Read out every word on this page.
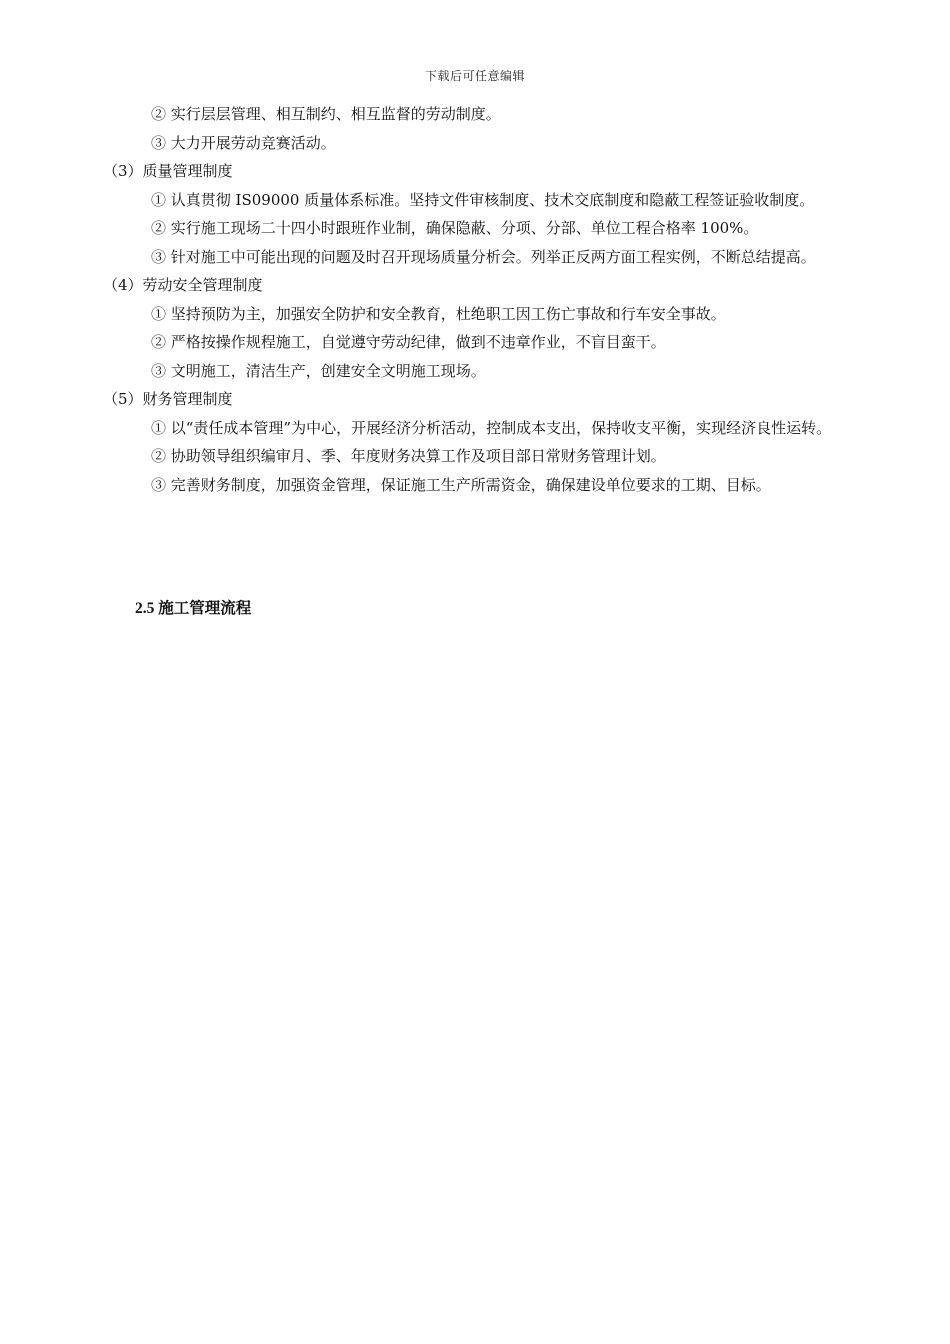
下载后可任意编辑

② 实行层层管理、相互制约、相互监督的劳动制度。

③ 大力开展劳动竞赛活动。

（3）质量管理制度

① 认真贯彻 IS09000 质量体系标准。坚持文件审核制度、技术交底制度和隐蔽工程签证验收制度。

② 实行施工现场二十四小时跟班作业制，确保隐蔽、分项、分部、单位工程合格率 100%。

③ 针对施工中可能出现的问题及时召开现场质量分析会。列举正反两方面工程实例，不断总结提高。

（4）劳动安全管理制度

① 坚持预防为主，加强安全防护和安全教育，杜绝职工因工伤亡事故和行车安全事故。

② 严格按操作规程施工，自觉遵守劳动纪律，做到不违章作业，不盲目蛮干。

③ 文明施工，清洁生产，创建安全文明施工现场。

（5）财务管理制度

① 以“责任成本管理”为中心，开展经济分析活动，控制成本支出，保持收支平衡，实现经济良性运转。

② 协助领导组织编审月、季、年度财务决算工作及项目部日常财务管理计划。

③ 完善财务制度，加强资金管理，保证施工生产所需资金，确保建设单位要求的工期、目标。

2.5 施工管理流程
